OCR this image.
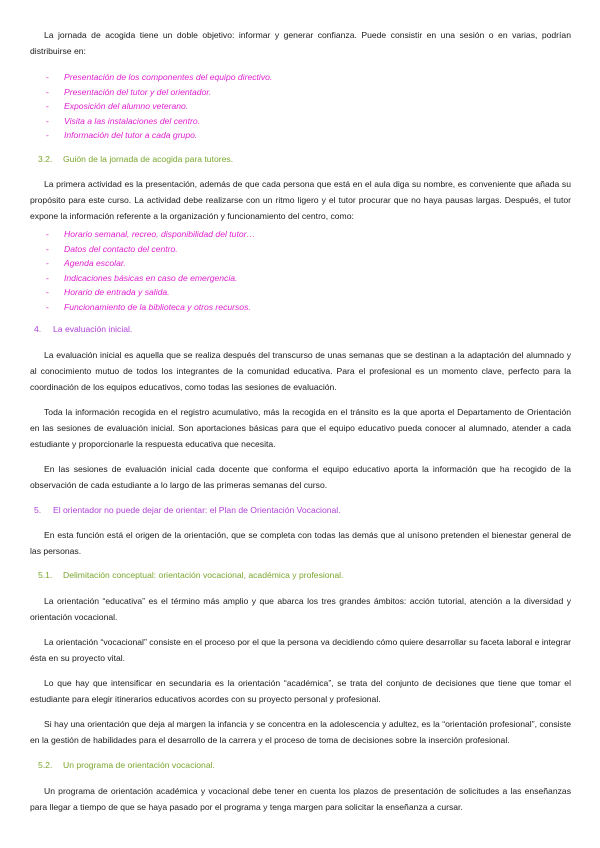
La jornada de acogida tiene un doble objetivo: informar y generar confianza. Puede consistir en una sesión o en varias, podrían distribuirse en:

- Presentación de los componentes del equipo directivo.
- Presentación del tutor y del orientador.
- Exposición del alumno veterano.
- Visita a las instalaciones del centro.
- Información del tutor a cada grupo.
3.2. Guión de la jornada de acogida para tutores.

La primera actividad es la presentación, además de que cada persona que está en el aula diga su nombre, es conveniente que añada su propósito para este curso. La actividad debe realizarse con un ritmo ligero y el tutor procurar que no haya pausas largas. Después, el tutor expone la información referente a la organización y funcionamiento del centro, como:

- Horario semanal, recreo, disponibilidad del tutor…
- Datos del contacto del centro.
- Agenda escolar.
- Indicaciones básicas en caso de emergencia.
- Horario de entrada y salida.
- Funcionamiento de la biblioteca y otros recursos.
4. La evaluación inicial.

La evaluación inicial es aquella que se realiza después del transcurso de unas semanas que se destinan a la adaptación del alumnado y al conocimiento mutuo de todos los integrantes de la comunidad educativa. Para el profesional es un momento clave, perfecto para la coordinación de los equipos educativos, como todas las sesiones de evaluación.

Toda la información recogida en el registro acumulativo, más la recogida en el tránsito es la que aporta el Departamento de Orientación en las sesiones de evaluación inicial. Son aportaciones básicas para que el equipo educativo pueda conocer al alumnado, atender a cada estudiante y proporcionarle la respuesta educativa que necesita.

En las sesiones de evaluación inicial cada docente que conforma el equipo educativo aporta la información que ha recogido de la observación de cada estudiante a lo largo de las primeras semanas del curso.

5. El orientador no puede dejar de orientar: el Plan de Orientación Vocacional.

En esta función está el origen de la orientación, que se completa con todas las demás que al unísono pretenden el bienestar general de las personas.

5.1. Delimitación conceptual: orientación vocacional, académica y profesional.

La orientación “educativa” es el término más amplio y que abarca los tres grandes ámbitos: acción tutorial, atención a la diversidad y orientación vocacional.

La orientación “vocacional” consiste en el proceso por el que la persona va decidiendo cómo quiere desarrollar su faceta laboral e integrar ésta en su proyecto vital.

Lo que hay que intensificar en secundaria es la orientación “académica”, se trata del conjunto de decisiones que tiene que tomar el estudiante para elegir itinerarios educativos acordes con su proyecto personal y profesional.

Si hay una orientación que deja al margen la infancia y se concentra en la adolescencia y adultez, es la “orientación profesional”, consiste en la gestión de habilidades para el desarrollo de la carrera y el proceso de toma de decisiones sobre la inserción profesional.

5.2. Un programa de orientación vocacional.

Un programa de orientación académica y vocacional debe tener en cuenta los plazos de presentación de solicitudes a las enseñanzas para llegar a tiempo de que se haya pasado por el programa y tenga margen para solicitar la enseñanza a cursar.
